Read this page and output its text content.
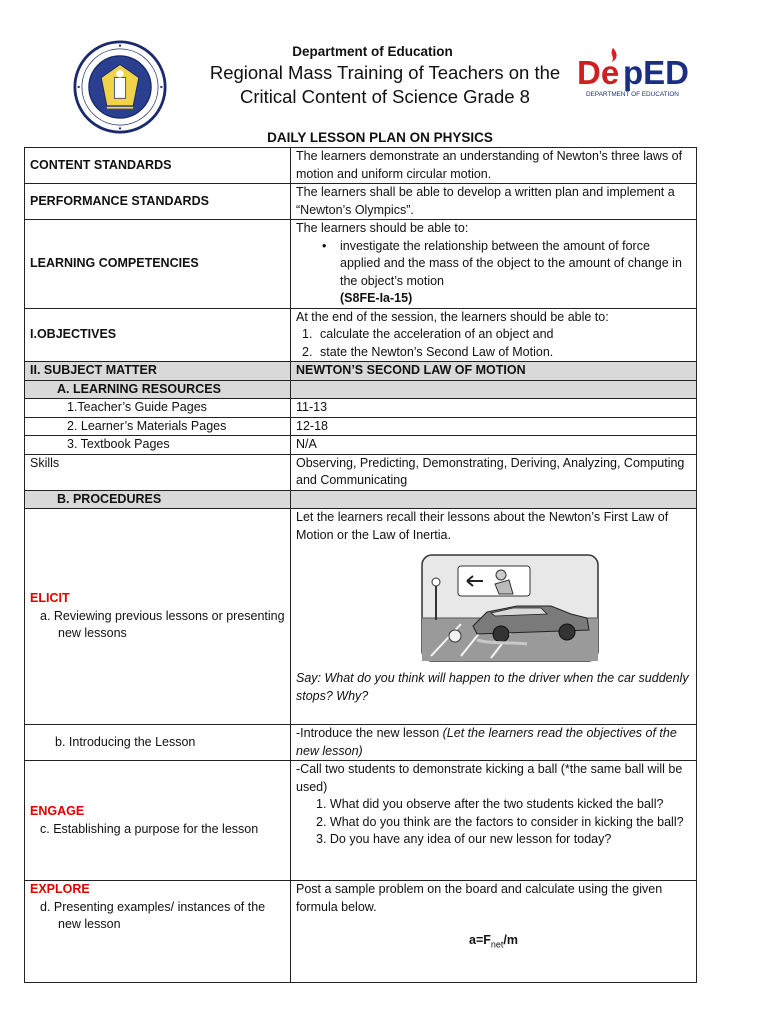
Department of Education
Regional Mass Training of Teachers on the
Critical Content of Science Grade 8
De pED
DEPARTMENT OF EDUCATION
DAILY LESSON PLAN ON PHYSICS
CONTENT STANDARDS	The learners demonstrate an understanding of Newton’s three laws of motion and uniform circular motion.
PERFORMANCE STANDARDS	The learners shall be able to develop a written plan and implement a “Newton’s Olympics”.
LEARNING COMPETENCIES	The learners should be able to:
• investigate the relationship between the amount of force applied and the mass of the object to the amount of change in the object’s motion
(S8FE-Ia-15)

I.OBJECTIVES	At the end of the session, the learners should be able to:
1. calculate the acceleration of an object and
2. state the Newton’s Second Law of Motion.

II. SUBJECT MATTER	NEWTON’S SECOND LAW OF MOTION
A. LEARNING RESOURCES	
1.Teacher’s Guide Pages	11-13
2. Learner’s Materials Pages	12-18
3. Textbook Pages	N/A
Skills	Observing, Predicting, Demonstrating, Deriving, Analyzing, Computing and Communicating
B. PROCEDURES	

ELICIT
a. Reviewing previous lessons or presenting new lessons	Let the learners recall their lessons about the Newton’s First Law of Motion or the Law of Inertia.
Say: What do you think will happen to the driver when the car suddenly stops? Why?

b. Introducing the Lesson	-Introduce the new lesson (Let the learners read the objectives of the new lesson)

ENGAGE
c. Establishing a purpose for the lesson	-Call two students to demonstrate kicking a ball (*the same ball will be used)
1. What did you observe after the two students kicked the ball?
2. What do you think are the factors to consider in kicking the ball?
3. Do you have any idea of our new lesson for today?

EXPLORE
d. Presenting examples/ instances of the new lesson	Post a sample problem on the board and calculate using the given formula below.
$a=F_{net}/m$
